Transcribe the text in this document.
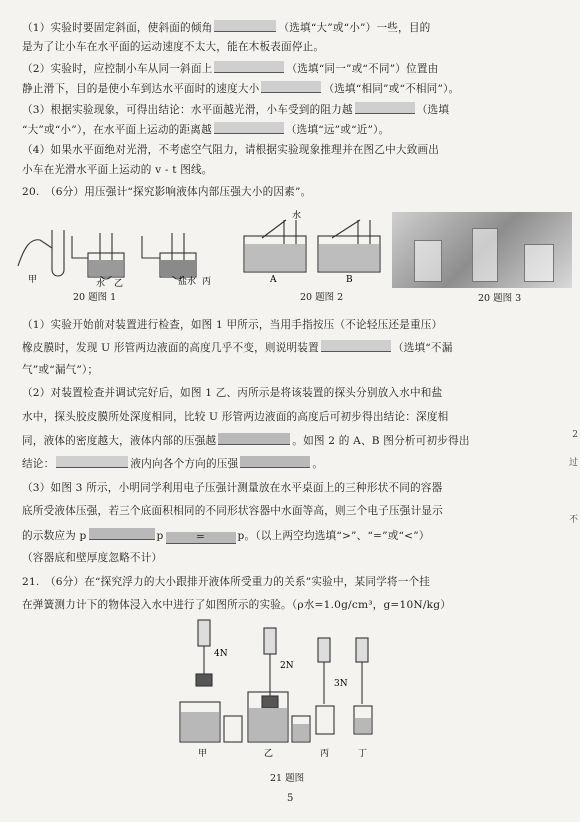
（1）实验时要固定斜面，使斜面的倾角	（选填“大”或“小”）一些，目的
是为了让小车在水平面的运动速度不太大，能在木板表面停止。
（2）实验时，应控制小车从同一斜面上	（选填“同一”或“不同”）位置由
静止滑下，目的是使小车到达水平面时的速度大小	（选填“相同”或“不相同”）。
（3）根据实验现象，可得出结论：水平面越光滑，小车受到的阻力越	（选填
“大”或“小”），在水平面上运动的距离越	（选填“远”或“近”）。
（4）如果水平面绝对光滑，不考虑空气阻力，请根据实验现象推理并在图乙中大致画出
小车在光滑水平面上运动的 v - t 图线。
20.　（6分）用压强计“探究影响液体内部压强大小的因素”。
甲	水 乙	盐水 丙
20 题图 1
水
A	B
20 题图 2	20 题图 3
（1）实验开始前对装置进行检查，如图 1 甲所示，当用手指按压（不论轻压还是重压）
橡皮膜时，发现 U 形管两边液面的高度几乎不变，则说明装置	（选填“不漏
气”或“漏气”）；
（2）对装置检查并调试完好后，如图 1 乙、丙所示是将该装置的探头分别放入水中和盐
水中，探头胶皮膜所处深度相同，比较 U 形管两边液面的高度后可初步得出结论：深度相
同，液体的密度越大，液体内部的压强越	。如图 2 的 A、B 图分析可初步得出
结论：	液内向各个方向的压强	。
（3）如图 3 所示，小明同学利用电子压强计测量放在水平桌面上的三种形状不同的容器
底所受液体压强，若三个底面积相同的不同形状容器中水面等高，则三个电子压强计显示
的示数应为 p	p	=	p。（以上两空均选填“>”、“=”或“<”）
（容器底和壁厚度忽略不计）
21.　（6分）在“探究浮力的大小跟排开液体所受重力的关系”实验中，某同学将一个挂
在弹簧测力计下的物体浸入水中进行了如图所示的实验。（ρ水=1.0g/cm³，g=10N/kg）
4N
2N
3N
甲	乙	丙	丁
21 题图
5
2
过
不
